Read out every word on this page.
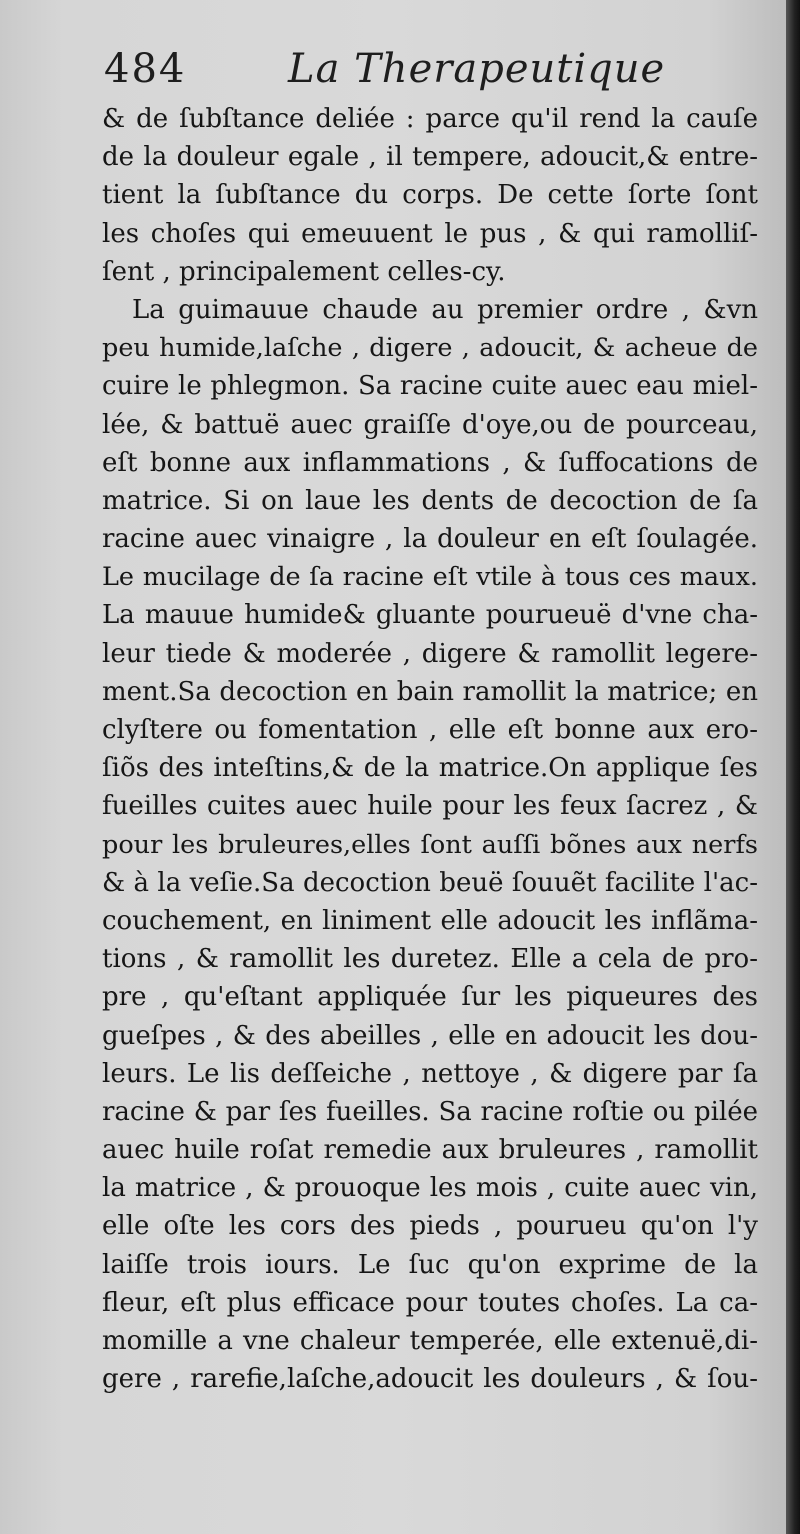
484	La Therapeutique
& de ſubſtance deliée : parce qu'il rend la cauſe
de la douleur egale , il tempere, adoucit,& entre-
tient la ſubſtance du corps. De cette ſorte ſont
les choſes qui emeuuent le pus , & qui ramolliſ-
ſent , principalement celles-cy.
La guimauue chaude au premier ordre , &vn
peu humide,laſche , digere , adoucit, & acheue de
cuire le phlegmon. Sa racine cuite auec eau miel-
lée, & battuë auec graiſſe d'oye,ou de pourceau,
eſt bonne aux inflammations , & ſuffocations de
matrice. Si on laue les dents de decoction de ſa
racine auec vinaigre , la douleur en eſt ſoulagée.
Le mucilage de ſa racine eſt vtile à tous ces maux.
La mauue humide& gluante pourueuë d'vne cha-
leur tiede & moderée , digere & ramollit legere-
ment.Sa decoction en bain ramollit la matrice; en
clyſtere ou fomentation , elle eſt bonne aux ero-
ſiõs des inteſtins,& de la matrice.On applique ſes
fueilles cuites auec huile pour les feux ſacrez , &
pour les bruleures,elles ſont auſſi bõnes aux nerfs
& à la veſie.Sa decoction beuë ſouuẽt facilite l'ac-
couchement, en liniment elle adoucit les inflãma-
tions , & ramollit les duretez. Elle a cela de pro-
pre , qu'eſtant appliquée ſur les piqueures des
gueſpes , & des abeilles , elle en adoucit les dou-
leurs. Le lis deſſeiche , nettoye , & digere par ſa
racine & par ſes fueilles. Sa racine roſtie ou pilée
auec huile roſat remedie aux bruleures , ramollit
la matrice , & prouoque les mois , cuite auec vin,
elle oſte les cors des pieds , pourueu qu'on l'y
laiſſe trois iours. Le ſuc qu'on exprime de la
fleur, eſt plus efficace pour toutes choſes. La ca-
momille a vne chaleur temperée, elle extenuë,di-
gere , rarefie,laſche,adoucit les douleurs , & ſou-
